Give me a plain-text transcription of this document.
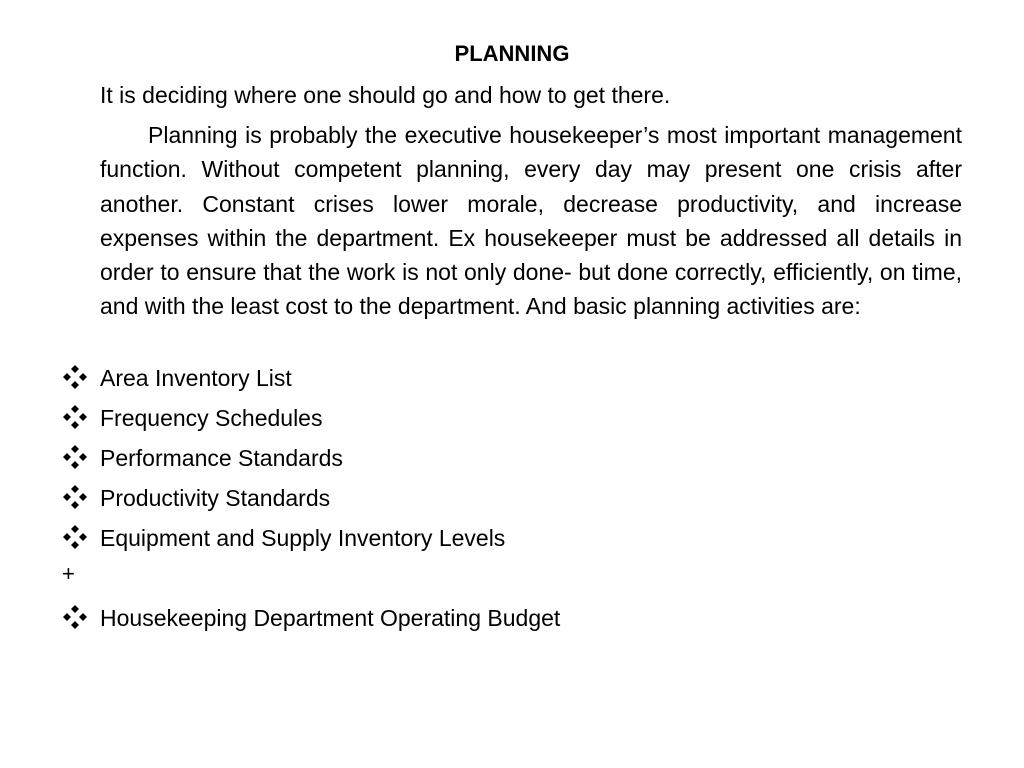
PLANNING
It is deciding where one should go and how to get there.

Planning is probably the executive housekeeper’s most important management function. Without competent planning, every day may present one crisis after another. Constant crises lower morale, decrease productivity, and increase expenses within the department. Ex housekeeper must be addressed all details in order to ensure that the work is not only done- but done correctly, efficiently, on time, and with the least cost to the department. And basic planning activities are:

Area Inventory List
Frequency Schedules
Performance Standards
Productivity Standards
Equipment and Supply Inventory Levels
+
Housekeeping Department Operating Budget
